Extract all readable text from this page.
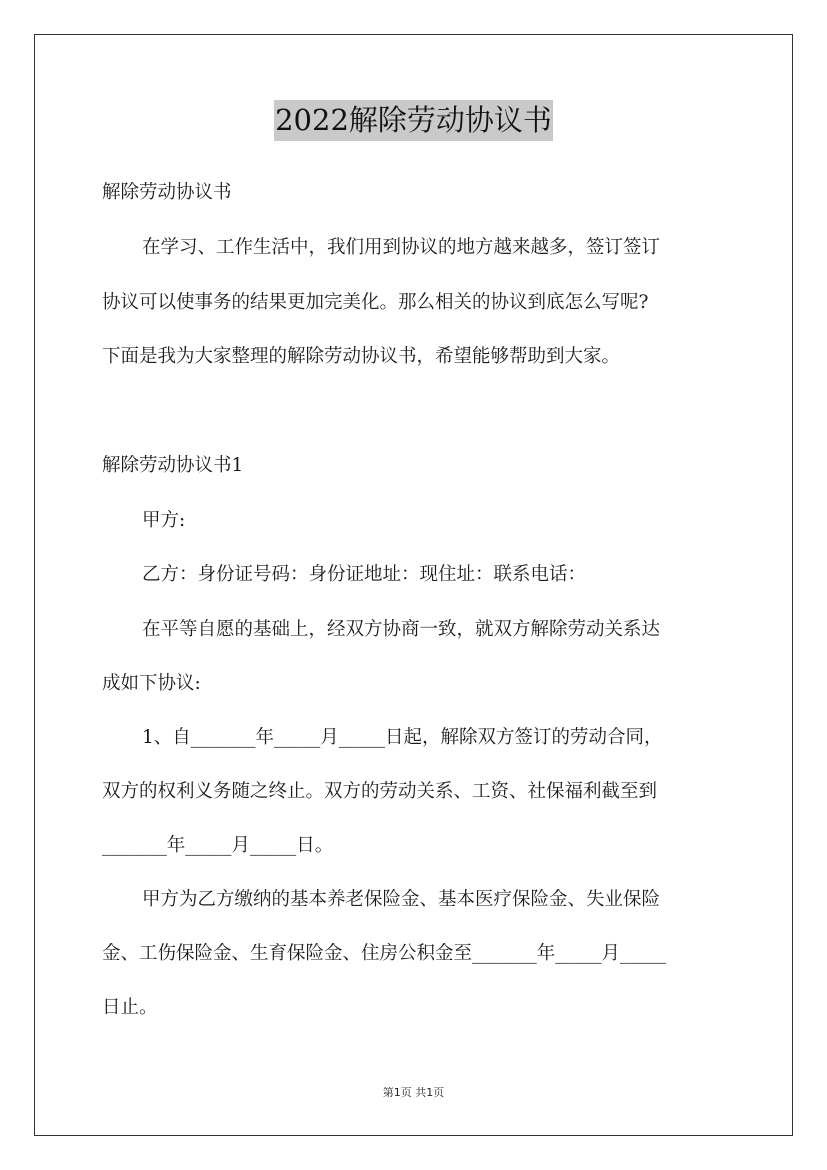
2022解除劳动协议书
解除劳动协议书
在学习、工作生活中，我们用到协议的地方越来越多，签订签订
协议可以使事务的结果更加完美化。那么相关的协议到底怎么写呢?
下面是我为大家整理的解除劳动协议书，希望能够帮助到大家。
解除劳动协议书1
甲方:
乙方：身份证号码：身份证地址：现住址：联系电话：
在平等自愿的基础上，经双方协商一致，就双方解除劳动关系达
成如下协议:
1、自_______年_____月_____日起，解除双方签订的劳动合同，
双方的权利义务随之终止。双方的劳动关系、工资、社保福利截至到
_______年_____月_____日。
甲方为乙方缴纳的基本养老保险金、基本医疗保险金、失业保险
金、工伤保险金、生育保险金、住房公积金至_______年_____月_____
日止。
第1页 共1页
